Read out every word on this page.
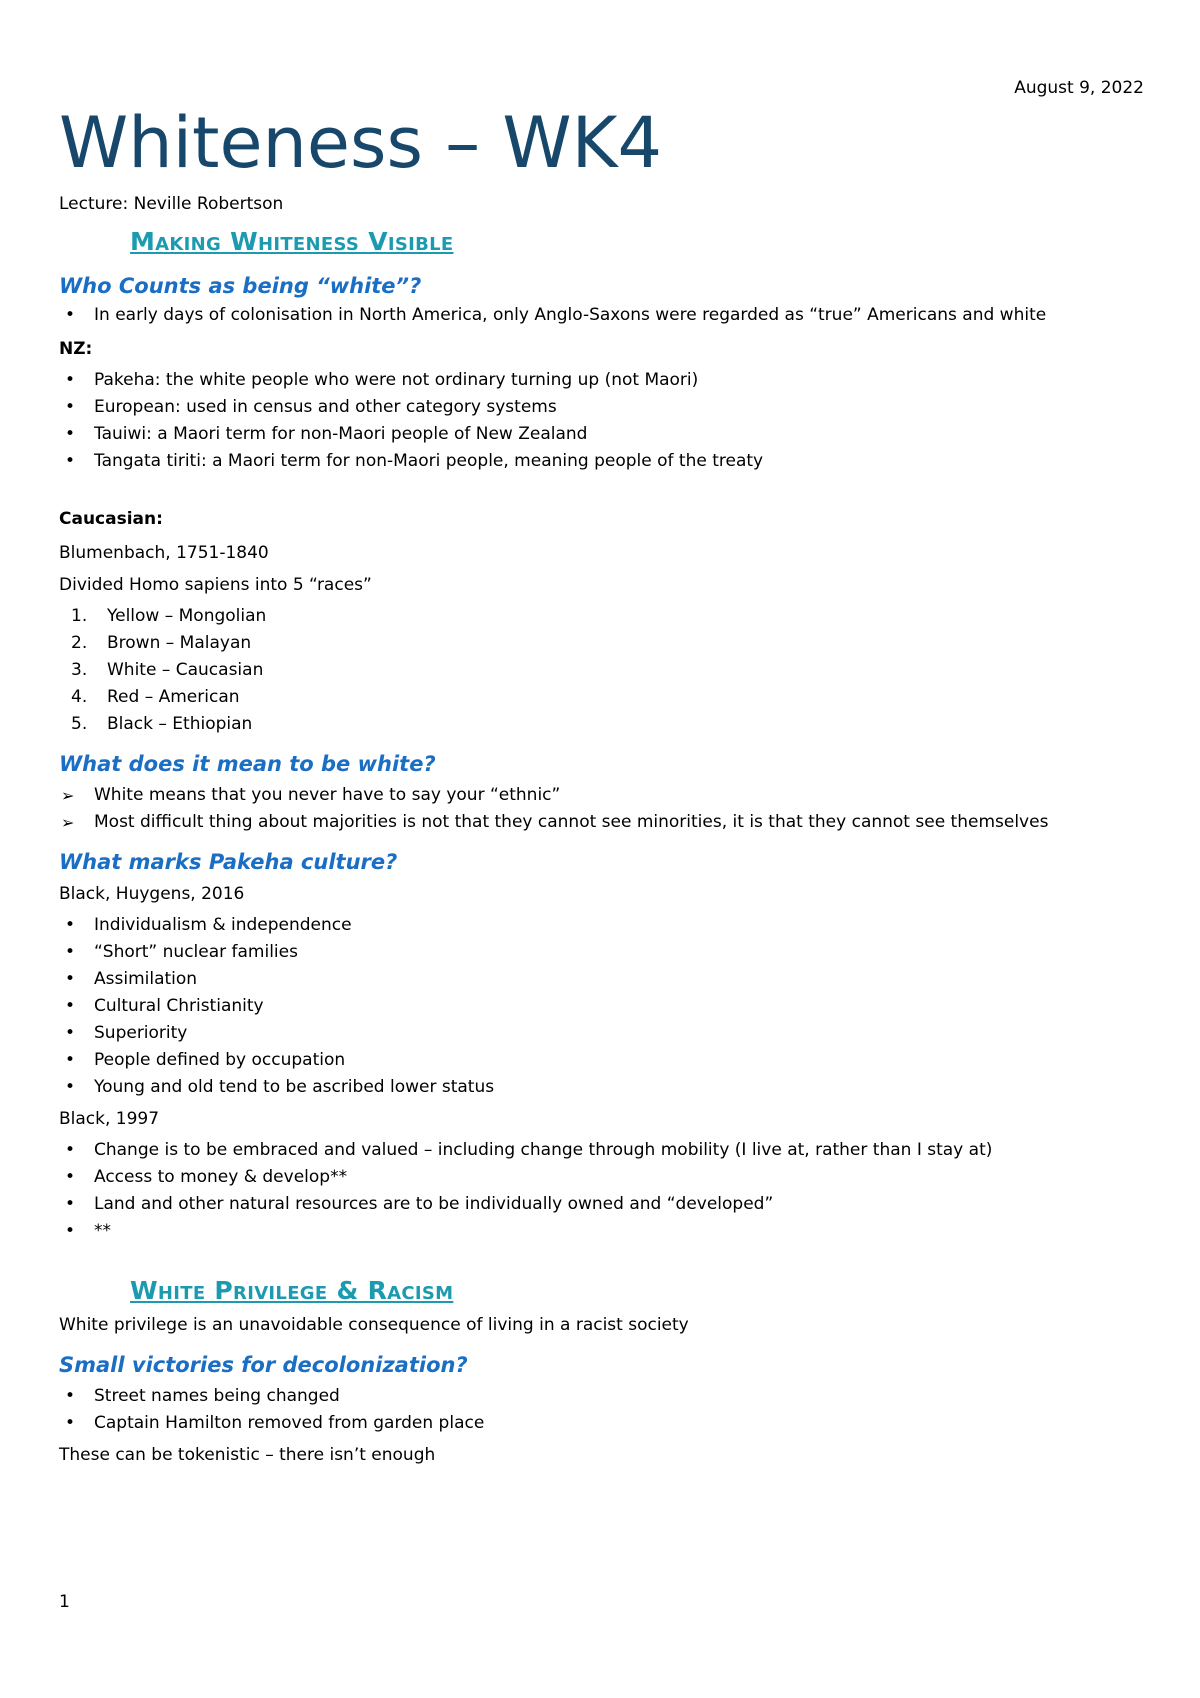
August 9, 2022
Whiteness – WK4

Lecture: Neville Robertson

Making Whiteness Visible
Who Counts as being “white”?
• In early days of colonisation in North America, only Anglo-Saxons were regarded as “true” Americans and white

NZ:

• Pakeha: the white people who were not ordinary turning up (not Maori)
• European: used in census and other category systems
• Tauiwi: a Maori term for non-Maori people of New Zealand
• Tangata tiriti: a Maori term for non-Maori people, meaning people of the treaty

Caucasian:

Blumenbach, 1751-1840

Divided Homo sapiens into 5 “races”

1. Yellow – Mongolian
2. Brown – Malayan
3. White – Caucasian
4. Red – American
5. Black – Ethiopian
What does it mean to be white?
➢ White means that you never have to say your “ethnic”
➢ Most difficult thing about majorities is not that they cannot see minorities, it is that they cannot see themselves
What marks Pakeha culture?

Black, Huygens, 2016

• Individualism & independence
• “Short” nuclear families
• Assimilation
• Cultural Christianity
• Superiority
• People defined by occupation
• Young and old tend to be ascribed lower status

Black, 1997

• Change is to be embraced and valued – including change through mobility (I live at, rather than I stay at)
• Access to money & develop**
• Land and other natural resources are to be individually owned and “developed”
• **
White Privilege & Racism

White privilege is an unavoidable consequence of living in a racist society

Small victories for decolonization?
• Street names being changed
• Captain Hamilton removed from garden place

These can be tokenistic – there isn’t enough

1
